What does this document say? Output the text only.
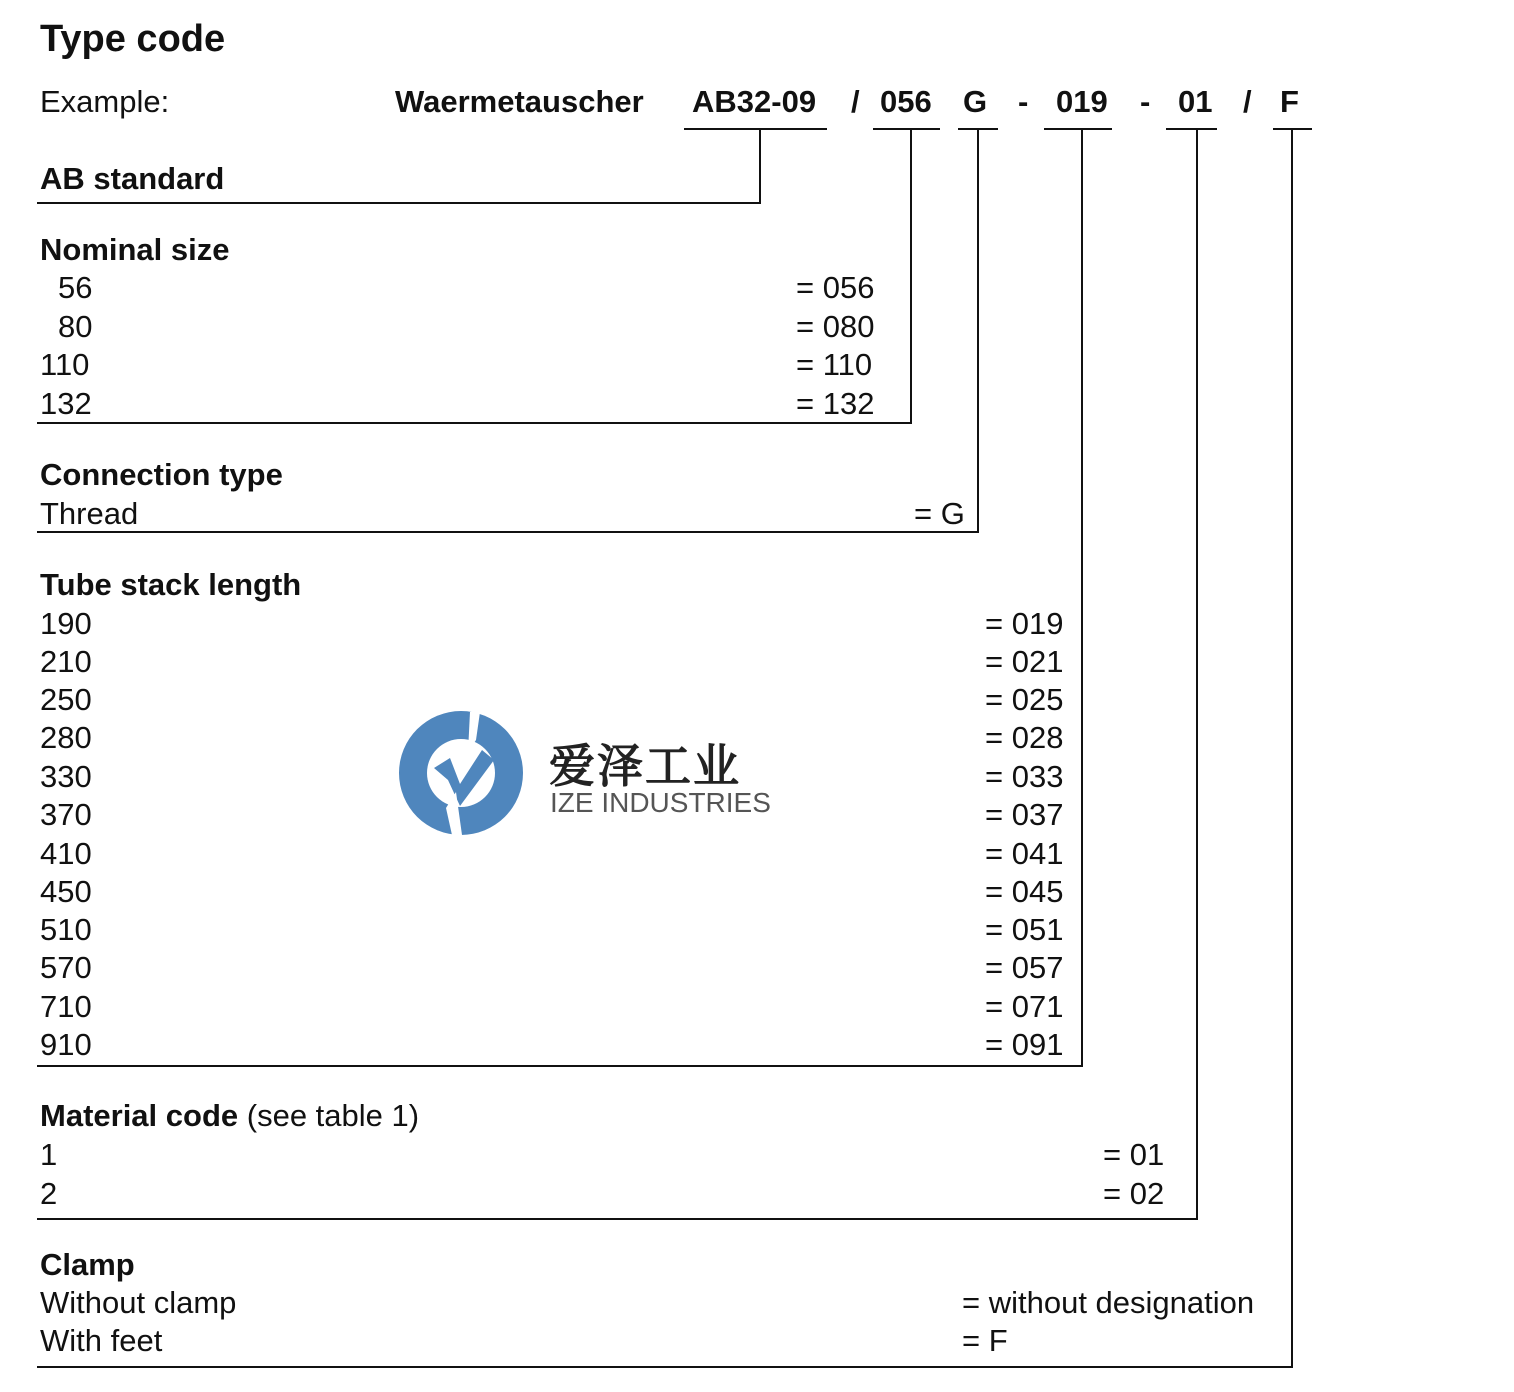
Type code
Example:	Waermetauscher AB32-09 / 056 G - 019 - 01 / F
AB standard
Nominal size
56
80
110
132
= 056
= 080
= 110
= 132
Connection type
Thread	= G
Tube stack length
190
210
250
280
330
370
410
450
510
570
710
910
= 019
= 021
= 025
= 028
= 033
= 037
= 041
= 045
= 051
= 057
= 071
= 091
爱泽工业
IZE INDUSTRIES
Material code (see table 1)
1
2
= 01
= 02
Clamp
Without clamp
With feet
= without designation
= F
